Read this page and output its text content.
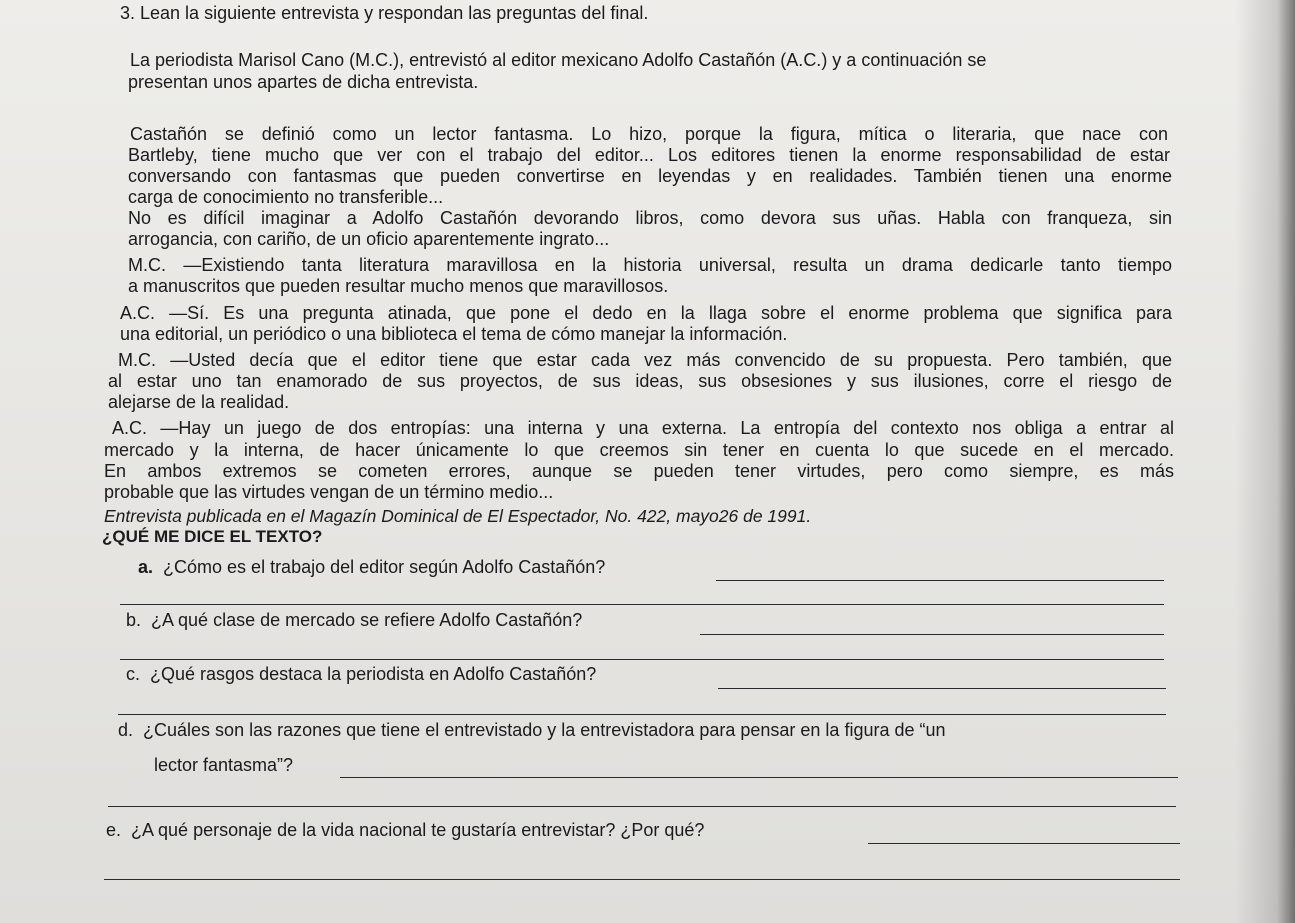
3. Lean la siguiente entrevista y respondan las preguntas del final.
La periodista Marisol Cano (M.C.), entrevistó al editor mexicano Adolfo Castañón (A.C.) y a continuación se
presentan unos apartes de dicha entrevista.
Castañón se definió como un lector fantasma. Lo hizo, porque la figura, mítica o literaria, que nace con
Bartleby, tiene mucho que ver con el trabajo del editor... Los editores tienen la enorme responsabilidad de estar
conversando con fantasmas que pueden convertirse en leyendas y en realidades. También tienen una enorme
carga de conocimiento no transferible...
No es difícil imaginar a Adolfo Castañón devorando libros, como devora sus uñas. Habla con franqueza, sin
arrogancia, con cariño, de un oficio aparentemente ingrato...
M.C. —Existiendo tanta literatura maravillosa en la historia universal, resulta un drama dedicarle tanto tiempo
a manuscritos que pueden resultar mucho menos que maravillosos.
A.C. —Sí. Es una pregunta atinada, que pone el dedo en la llaga sobre el enorme problema que significa para
una editorial, un periódico o una biblioteca el tema de cómo manejar la información.
M.C. —Usted decía que el editor tiene que estar cada vez más convencido de su propuesta. Pero también, que
al estar uno tan enamorado de sus proyectos, de sus ideas, sus obsesiones y sus ilusiones, corre el riesgo de
alejarse de la realidad.
A.C. —Hay un juego de dos entropías: una interna y una externa. La entropía del contexto nos obliga a entrar al
mercado y la interna, de hacer únicamente lo que creemos sin tener en cuenta lo que sucede en el mercado.
En ambos extremos se cometen errores, aunque se pueden tener virtudes, pero como siempre, es más
probable que las virtudes vengan de un término medio...
Entrevista publicada en el Magazín Dominical de El Espectador, No. 422, mayo26 de 1991.
¿QUÉ ME DICE EL TEXTO?
a. ¿Cómo es el trabajo del editor según Adolfo Castañón?
b. ¿A qué clase de mercado se refiere Adolfo Castañón?
c. ¿Qué rasgos destaca la periodista en Adolfo Castañón?
d. ¿Cuáles son las razones que tiene el entrevistado y la entrevistadora para pensar en la figura de “un
lector fantasma”?
e. ¿A qué personaje de la vida nacional te gustaría entrevistar? ¿Por qué?
